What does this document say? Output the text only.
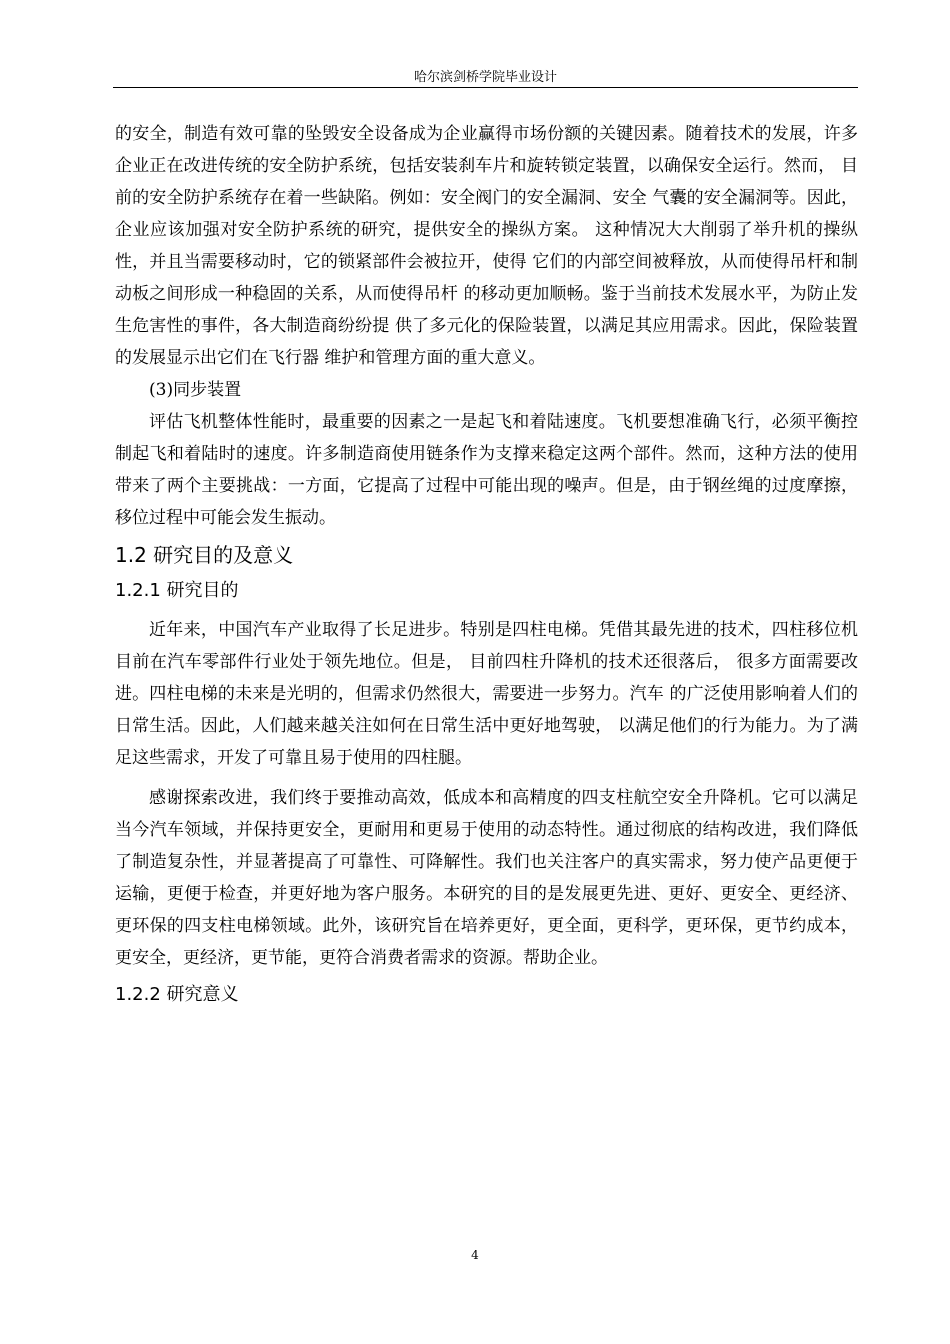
哈尔滨剑桥学院毕业设计

的安全，制造有效可靠的坠毁安全设备成为企业赢得市场份额的关键因素。随着技术的发展，许多企业正在改进传统的安全防护系统，包括安装刹车片和旋转锁定装置，以确保安全运行。然而， 目前的安全防护系统存在着一些缺陷。例如：安全阀门的安全漏洞、安全 气囊的安全漏洞等。因此，企业应该加强对安全防护系统的研究，提供安全的操纵方案。 这种情况大大削弱了举升机的操纵性，并且当需要移动时，它的锁紧部件会被拉开，使得 它们的内部空间被释放，从而使得吊杆和制动板之间形成一种稳固的关系，从而使得吊杆 的移动更加顺畅。鉴于当前技术发展水平，为防止发生危害性的事件，各大制造商纷纷提 供了多元化的保险装置，以满足其应用需求。因此，保险装置的发展显示出它们在飞行器 维护和管理方面的重大意义。

(3)同步装置

评估飞机整体性能时，最重要的因素之一是起飞和着陆速度。飞机要想准确飞行，必须平衡控制起飞和着陆时的速度。许多制造商使用链条作为支撑来稳定这两个部件。然而，这种方法的使用带来了两个主要挑战：一方面，它提高了过程中可能出现的噪声。但是，由于钢丝绳的过度摩擦，移位过程中可能会发生振动。

1.2 研究目的及意义

1.2.1 研究目的

近年来，中国汽车产业取得了长足进步。特别是四柱电梯。凭借其最先进的技术，四柱移位机目前在汽车零部件行业处于领先地位。但是， 目前四柱升降机的技术还很落后， 很多方面需要改进。四柱电梯的未来是光明的，但需求仍然很大，需要进一步努力。汽车 的广泛使用影响着人们的日常生活。因此，人们越来越关注如何在日常生活中更好地驾驶， 以满足他们的行为能力。为了满足这些需求，开发了可靠且易于使用的四柱腿。

感谢探索改进，我们终于要推动高效，低成本和高精度的四支柱航空安全升降机。它可以满足当今汽车领域，并保持更安全，更耐用和更易于使用的动态特性。通过彻底的结构改进，我们降低了制造复杂性，并显著提高了可靠性、可降解性。我们也关注客户的真实需求，努力使产品更便于运输，更便于检查，并更好地为客户服务。本研究的目的是发展更先进、更好、更安全、更经济、更环保的四支柱电梯领域。此外，该研究旨在培养更好，更全面，更科学，更环保，更节约成本，更安全，更经济，更节能，更符合消费者需求的资源。帮助企业。

1.2.2 研究意义

4
